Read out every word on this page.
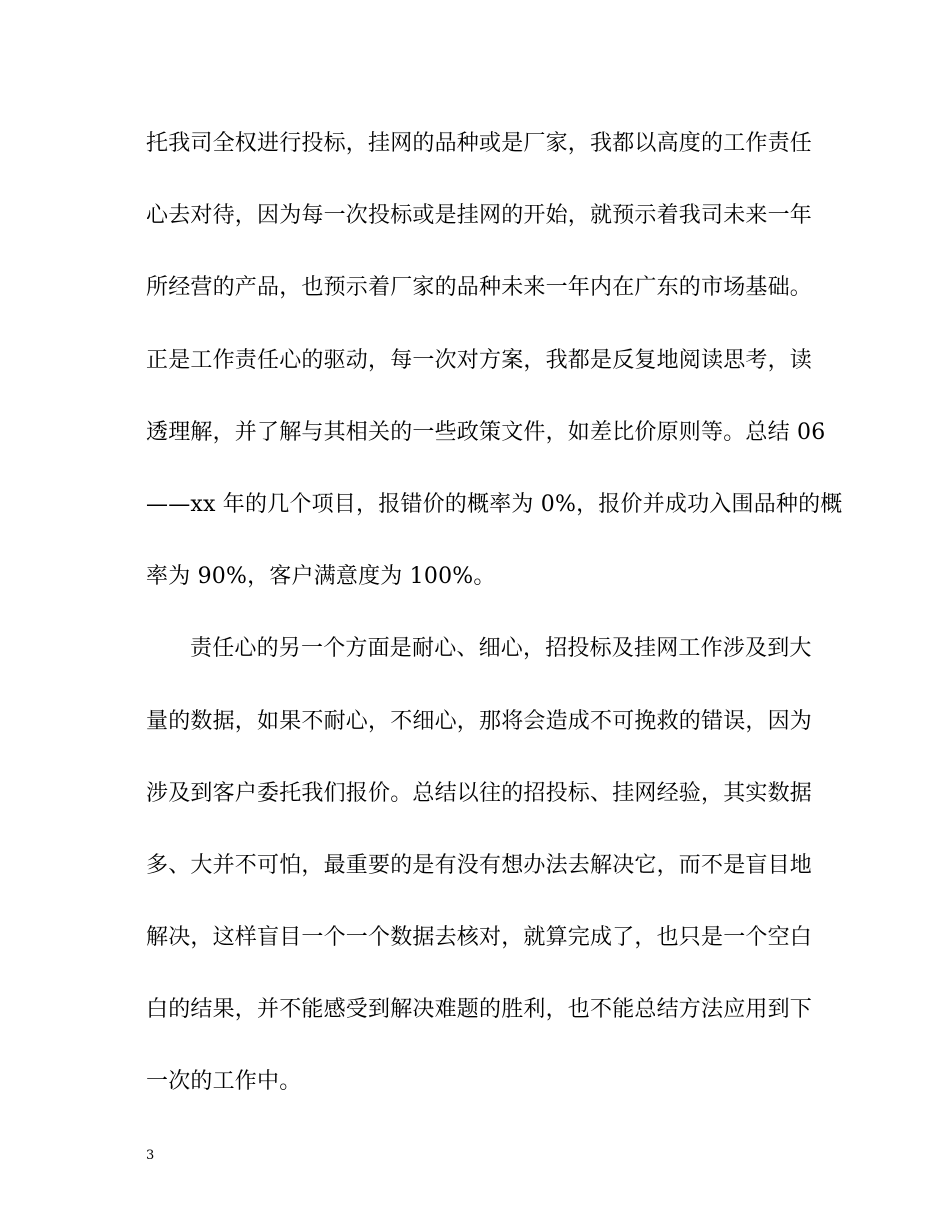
托我司全权进行投标，挂网的品种或是厂家，我都以高度的工作责任
心去对待，因为每一次投标或是挂网的开始，就预示着我司未来一年
所经营的产品，也预示着厂家的品种未来一年内在广东的市场基础。
正是工作责任心的驱动，每一次对方案，我都是反复地阅读思考，读
透理解，并了解与其相关的一些政策文件，如差比价原则等。总结 06
——xx 年的几个项目，报错价的概率为 0%，报价并成功入围品种的概
率为 90%，客户满意度为 100%。
责任心的另一个方面是耐心、细心，招投标及挂网工作涉及到大
量的数据，如果不耐心，不细心，那将会造成不可挽救的错误，因为
涉及到客户委托我们报价。总结以往的招投标、挂网经验，其实数据
多、大并不可怕，最重要的是有没有想办法去解决它，而不是盲目地
解决，这样盲目一个一个数据去核对，就算完成了，也只是一个空白
白的结果，并不能感受到解决难题的胜利，也不能总结方法应用到下
一次的工作中。
3
